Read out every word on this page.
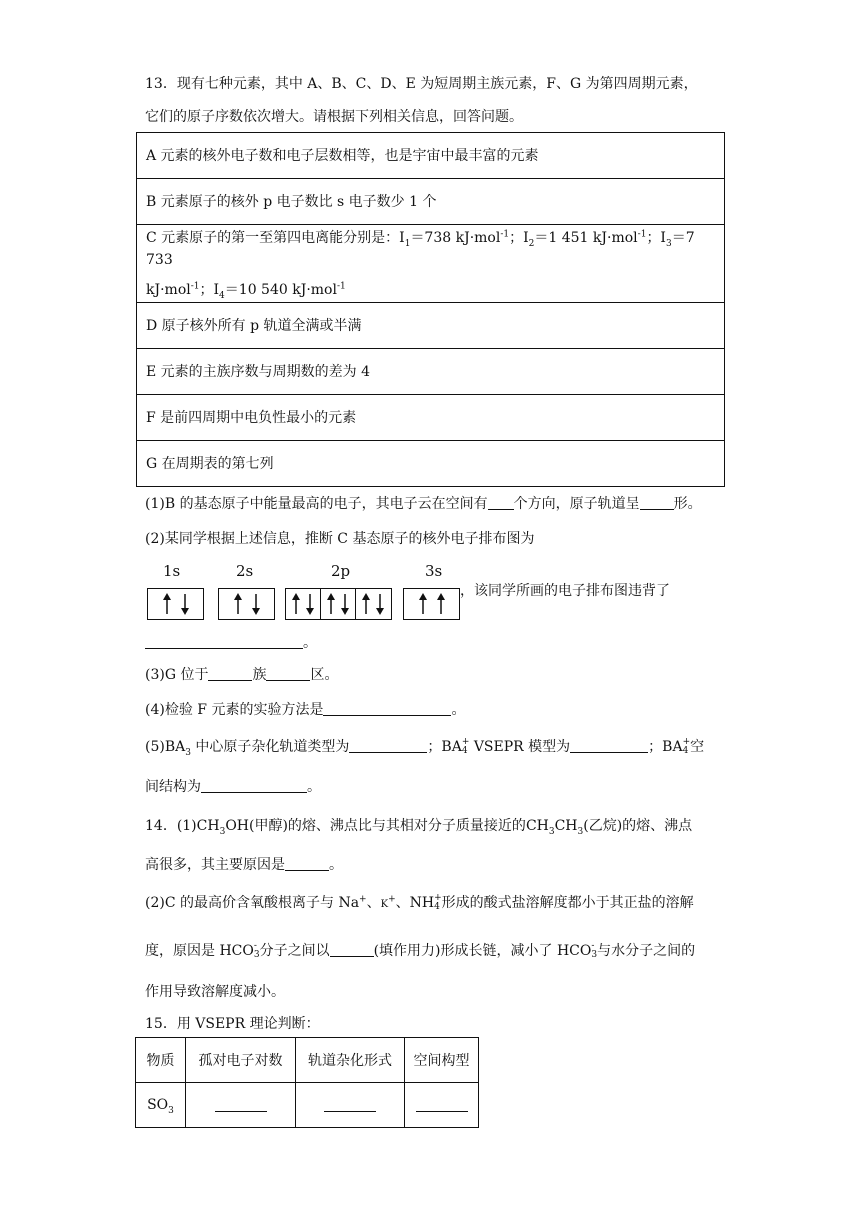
13．现有七种元素，其中 A、B、C、D、E 为短周期主族元素，F、G 为第四周期元素，
它们的原子序数依次增大。请根据下列相关信息，回答问题。
A 元素的核外电子数和电子层数相等，也是宇宙中最丰富的元素
B 元素原子的核外 p 电子数比 s 电子数少 1 个

C 元素原子的第一至第四电离能分别是：$I_1=738$ kJ·mol$^{-1}$；$I_2=1$ 451 kJ·mol$^{-1}$；$I_3=7$ 733
kJ·mol$^{-1}$；$I_4=10$ 540 kJ·mol$^{-1}$

D 原子核外所有 p 轨道全满或半满
E 元素的主族序数与周期数的差为 4
F 是前四周期中电负性最小的元素
G 在周期表的第七列
(1)B 的基态原子中能量最高的电子，其电子云在空间有 个方向，原子轨道呈 形。
(2)某同学根据上述信息，推断 C 基态原子的核外电子排布图为
1s	2s	2p	3s
，该同学所画的电子排布图违背了
。
(3)G 位于	族	区。
(4)检验 F 元素的实验方法是	。
$(5)BA_3$ 中心原子杂化轨道类型为	；BA +
4 VSEPR 模型为	；BA +
4 空
间结构为	。
14．$(1)CH_3OH$(甲醇)的熔、沸点比与其相对分子质量接近的$CH_3CH_3$(乙烷)的熔、沸点
高很多，其主要原因是	。
(2)C 的最高价含氧酸根离子与 Na+、K+、NH +
4 形成的酸式盐溶解度都小于其正盐的溶解
度，原因是 HCO -
3 分子之间以	(填作用力)形成长链，减小了 HCO -
3 与水分子之间的
作用导致溶解度减小。
15．用 VSEPR 理论判断：
物质	孤对电子对数	轨道杂化形式	空间构型
$SO_3$			
